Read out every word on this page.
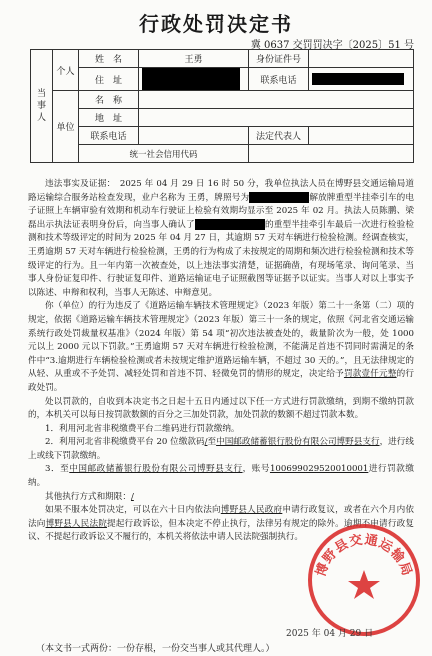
行政处罚决定书
冀 0637 交罚罚决字〔2025〕51 号
当事人	个人	姓　名	王勇	身份证件号	
		住　址		联系电话	

	单位	名　称			
		地　址			
		联系电话		法定代表人	
		统一社会信用代码			

违法事实及证据：　2025 年 04 月 29 日 16 时 50 分，我单位执法人员在博野县交通运输局道路运输综合服务站检查发现，业户名称为 王勇，牌照号为	解放牌重型半挂牵引车的电子证照上车辆审验有效期和机动车行驶证上检验有效期均显示至 2025 年 02 月。执法人员陈鹏、梁磊出示执法证表明身份后，向当事人确认了	的重型半挂牵引车最后一次进行检验检测和技术等级评定的时间为 2025 年 04 月 27 日，其逾期 57 天对车辆进行检验检测。经调查核实，王勇逾期 57 天对车辆进行检验检测，王勇的行为构成了未按规定的周期和频次进行检验检测和技术等级评定的行为。且一年内第一次被查处，以上违法事实清楚，证据确凿，有现场笔录、询问笔录、当事人身份证复印件、行驶证复印件、道路运输证电子证照截图等证据予以证实。当事人对以上事实予以陈述、申辩和权利，当事人无陈述、申辩意见。

你（单位）的行为违反了《道路运输车辆技术管理规定》（2023 年版）第二十一条第（二）项的规定，依据《道路运输车辆技术管理规定》（2023 年版）第三十一条的规定，依照《河北省交通运输系统行政处罚裁量权基准》（2024 年版）第 54 项“初次违法被查处的，裁量阶次为一般，处 1000 元以上 2000 元以下罚款。”王勇逾期 57 天对车辆进行检验检测，不能满足首违不罚同时需满足的条件中“3.逾期进行车辆检验检测或者未按规定维护道路运输车辆，不超过 30 天的。”，且无法律规定的从轻、从重或不予处罚、减轻处罚和首违不罚、轻微免罚的情形的规定，决定给予罚款壹仟元整的行政处罚。

处以罚款的，自收到本决定书之日起十五日内通过以下任一方式进行罚款缴纳，到期不缴纳罚款的，本机关可以每日按罚款数额的百分之三加处罚款，加处罚款的数额不超过罚款本数。

1．利用河北省非税缴费平台二维码进行罚款缴纳。

2．利用河北省非税缴费平台 20 位缴款码/至中国邮政储蓄银行股份有限公司博野县支行，进行线上或线下罚款缴纳。

3．至中国邮政储蓄银行股份有限公司博野县支行，账号100699029520010001进行罚款缴纳。

其他执行方式和期限：/

如果不服本处罚决定，可以在六十日内依法向博野县人民政府申请行政复议，或者在六个月内依法向博野县人民法院提起行政诉讼，但本决定不停止执行，法律另有规定的除外。逾期不申请行政复议、不提起行政诉讼又不履行的，本机关将依法申请人民法院强制执行。

博野县交通运输局
2025 年 04 月 29 日
（本文书一式两份：一份存根，一份交当事人或其代理人。）
